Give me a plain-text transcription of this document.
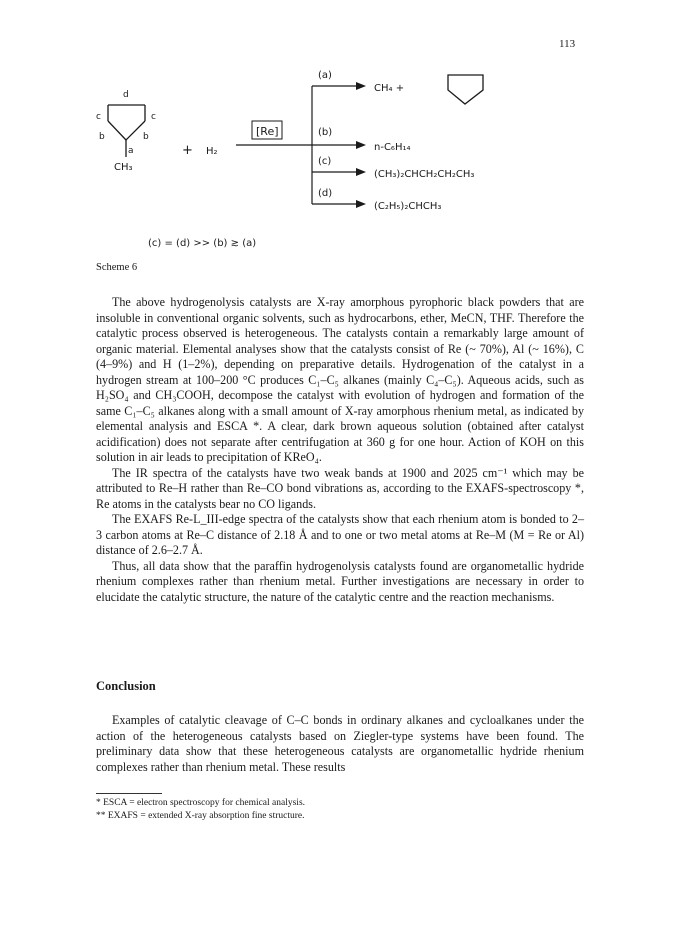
113
d
c	c
b	b
a
CH₃
+ H₂
[Re]
(a)
(b)
(c)
(d)
CH₄ +
n-C₆H₁₄
(CH₃)₂CHCH₂CH₂CH₃
(C₂H₅)₂CHCH₃
(c) = (d) >> (b) ≳ (a)
Scheme 6

The above hydrogenolysis catalysts are X-ray amorphous pyrophoric black powders that are insoluble in conventional organic solvents, such as hydrocarbons, ether, MeCN, THF. Therefore the catalytic process observed is heterogeneous. The catalysts contain a remarkably large amount of organic material. Elemental analyses show that the catalysts consist of Re (~ 70%), Al (~ 16%), C (4–9%) and H (1–2%), depending on preparative details. Hydrogenation of the catalyst in a hydrogen stream at 100–200 °C produces C₁–C₅ alkanes (mainly C₄–C₅). Aqueous acids, such as H₂SO₄ and CH₃COOH, decompose the catalyst with evolution of hydrogen and formation of the same C₁–C₅ alkanes along with a small amount of X-ray amorphous rhenium metal, as indicated by elemental analysis and ESCA *. A clear, dark brown aqueous solution (obtained after catalyst acidification) does not separate after centrifugation at 360 g for one hour. Action of KOH on this solution in air leads to precipitation of KReO₄.

The IR spectra of the catalysts have two weak bands at 1900 and 2025 cm⁻¹ which may be attributed to Re–H rather than Re–CO bond vibrations as, according to the EXAFS-spectroscopy *, Re atoms in the catalysts bear no CO ligands.

The EXAFS Re-L_III-edge spectra of the catalysts show that each rhenium atom is bonded to 2–3 carbon atoms at Re–C distance of 2.18 Å and to one or two metal atoms at Re–M (M = Re or Al) distance of 2.6–2.7 Å.

Thus, all data show that the paraffin hydrogenolysis catalysts found are organometallic hydride rhenium complexes rather than rhenium metal. Further investigations are necessary in order to elucidate the catalytic structure, the nature of the catalytic centre and the reaction mechanisms.

Conclusion

Examples of catalytic cleavage of C–C bonds in ordinary alkanes and cycloalkanes under the action of the heterogeneous catalysts based on Ziegler-type systems have been found. The preliminary data show that these heterogeneous catalysts are organometallic hydride rhenium complexes rather than rhenium metal. These results

* ESCA = electron spectroscopy for chemical analysis.
** EXAFS = extended X-ray absorption fine structure.
